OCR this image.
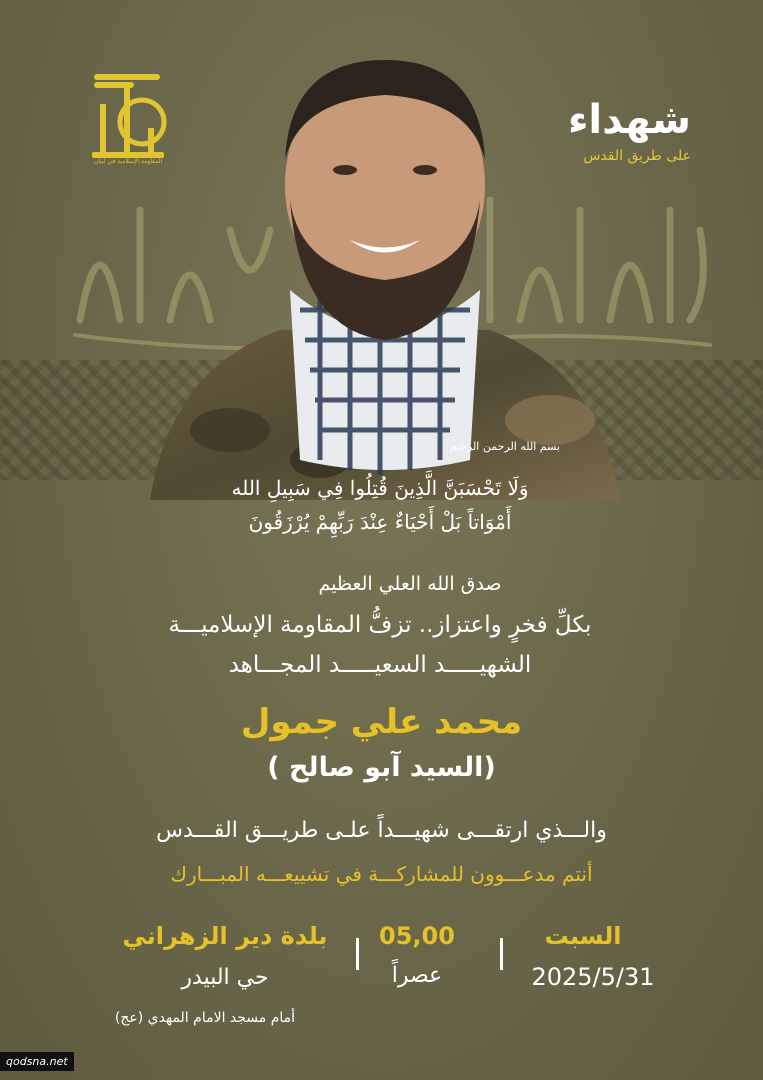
المقاومة الإسلامية في لبنان
شهداء
على طريق القدس
بسم الله الرحمن الرحيم
وَلَا تَحْسَبَنَّ الَّذِينَ قُتِلُوا فِي سَبِيلِ الله
أَمْوَاتاً بَلْ أَحْيَاءٌ عِنْدَ رَبِّهِمْ يُرْزَقُونَ
صدق الله العلي العظيم
بكلِّ فخرٍ واعتزاز.. تزفُّ المقاومة الإسلاميـــة
الشهيـــــد السعيـــــد المجـــاهد
محمد علي جمول
(السيد آبو صالح )
والـــذي ارتقـــى شهيـــداً علـى طريـــق القـــدس
أنتم مدعـــوون للمشاركـــة في تشييعـــه المبـــارك
السبت
2025/5/31
05,00
عصراً
بلدة دير الزهراني
حي البيدر
أمام مسجد الامام المهدي (عج)
qodsna.net
